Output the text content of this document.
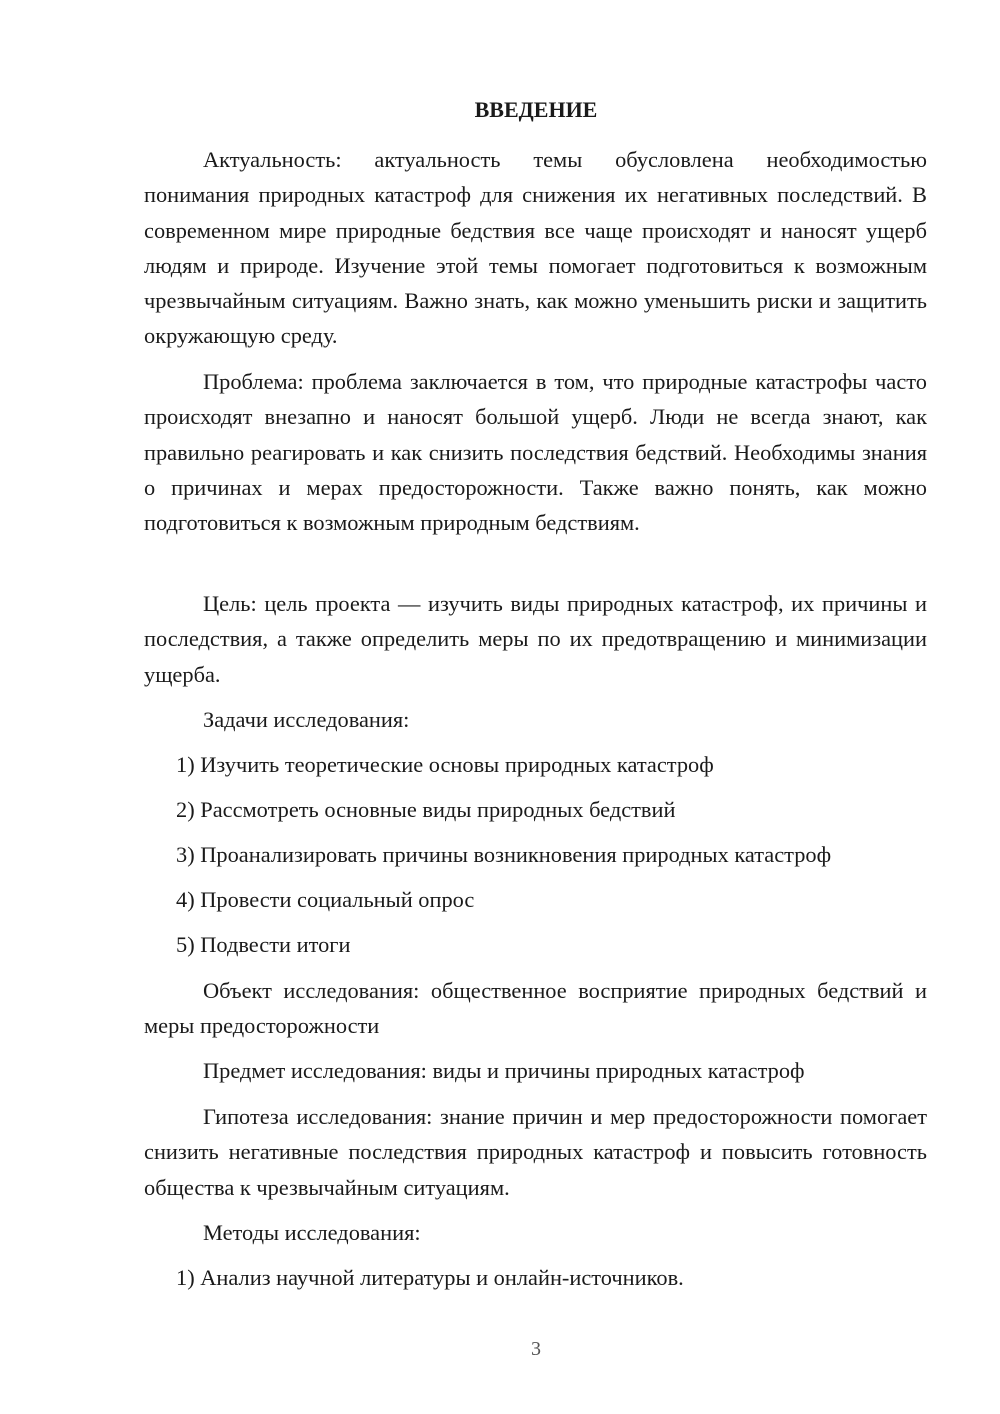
ВВЕДЕНИЕ

Актуальность: актуальность темы обусловлена необходимостью понимания природных катастроф для снижения их негативных последствий. В современном мире природные бедствия все чаще происходят и наносят ущерб людям и природе. Изучение этой темы помогает подготовиться к возможным чрезвычайным ситуациям. Важно знать, как можно уменьшить риски и защитить окружающую среду.

Проблема: проблема заключается в том, что природные катастрофы часто происходят внезапно и наносят большой ущерб. Люди не всегда знают, как правильно реагировать и как снизить последствия бедствий. Необходимы знания о причинах и мерах предосторожности. Также важно понять, как можно подготовиться к возможным природным бедствиям.

Цель: цель проекта — изучить виды природных катастроф, их причины и последствия, а также определить меры по их предотвращению и минимизации ущерба.

Задачи исследования:

1) Изучить теоретические основы природных катастроф

2) Рассмотреть основные виды природных бедствий

3) Проанализировать причины возникновения природных катастроф

4) Провести социальный опрос

5) Подвести итоги

Объект исследования: общественное восприятие природных бедствий и меры предосторожности

Предмет исследования: виды и причины природных катастроф

Гипотеза исследования: знание причин и мер предосторожности помогает снизить негативные последствия природных катастроф и повысить готовность общества к чрезвычайным ситуациям.

Методы исследования:

1) Анализ научной литературы и онлайн-источников.

3
